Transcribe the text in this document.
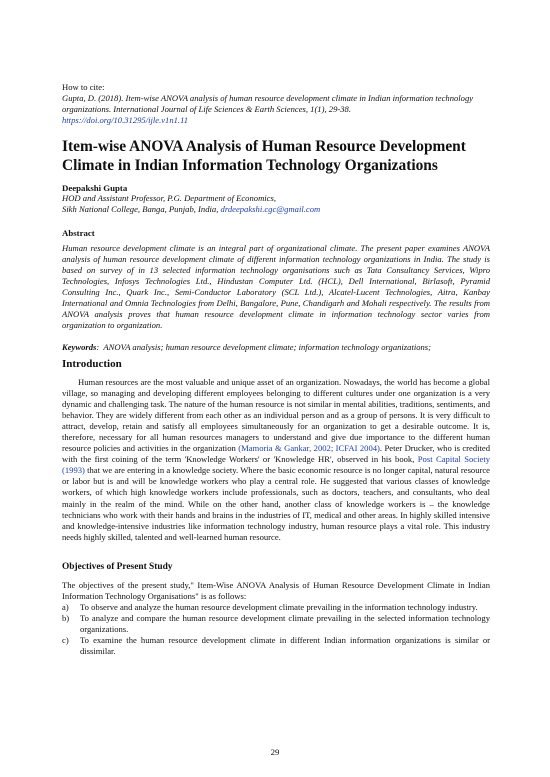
How to cite:
Gupta, D. (2018). Item-wise ANOVA analysis of human resource development climate in Indian information technology organizations. International Journal of Life Sciences & Earth Sciences, 1(1), 29-38.
https://doi.org/10.31295/ijle.v1n1.11
Item-wise ANOVA Analysis of Human Resource Development Climate in Indian Information Technology Organizations
Deepakshi Gupta
HOD and Assistant Professor, P.G. Department of Economics,
Sikh National College, Banga, Punjab, India, drdeepakshi.cgc@gmail.com
Abstract
Human resource development climate is an integral part of organizational climate. The present paper examines ANOVA analysis of human resource development climate of different information technology organizations in India. The study is based on survey of in 13 selected information technology organisations such as Tata Consultancy Services, Wipro Technologies, Infosys Technologies Ltd., Hindustan Computer Ltd. (HCL), Dell International, Birlasoft, Pyramid Consulting Inc., Quark Inc., Semi-Conductor Laboratory (SCL Ltd.), Alcatel-Lucent Technologies, Aitra, Kanbay International and Omnia Technologies from Delhi, Bangalore, Pune, Chandigarh and Mohali respectively. The results from ANOVA analysis proves that human resource development climate in information technology sector varies from organization to organization.
Keywords:  ANOVA analysis; human resource development climate; information technology organizations;
Introduction

Human resources are the most valuable and unique asset of an organization. Nowadays, the world has become a global village, so managing and developing different employees belonging to different cultures under one organization is a very dynamic and challenging task. The nature of the human resource is not similar in mental abilities, traditions, sentiments, and behavior. They are widely different from each other as an individual person and as a group of persons. It is very difficult to attract, develop, retain and satisfy all employees simultaneously for an organization to get a desirable outcome. It is, therefore, necessary for all human resources managers to understand and give due importance to the different human resource policies and activities in the organization (Mamoria & Gankar, 2002; ICFAI 2004). Peter Drucker, who is credited with the first coining of the term 'Knowledge Workers' or 'Knowledge HR', observed in his book, Post Capital Society (1993) that we are entering in a knowledge society. Where the basic economic resource is no longer capital, natural resource or labor but is and will be knowledge workers who play a central role. He suggested that various classes of knowledge workers, of which high knowledge workers include professionals, such as doctors, teachers, and consultants, who deal mainly in the realm of the mind. While on the other hand, another class of knowledge workers is – the knowledge technicians who work with their hands and brains in the industries of IT, medical and other areas. In highly skilled intensive and knowledge-intensive industries like information technology industry, human resource plays a vital role. This industry needs highly skilled, talented and well-learned human resource.

Objectives of Present Study

The objectives of the present study," Item-Wise ANOVA Analysis of Human Resource Development Climate in Indian Information Technology Organisations" is as follows:

a) To observe and analyze the human resource development climate prevailing in the information technology industry.
b) To analyze and compare the human resource development climate prevailing in the selected information technology organizations.
c) To examine the human resource development climate in different Indian information organizations is similar or dissimilar.
29
